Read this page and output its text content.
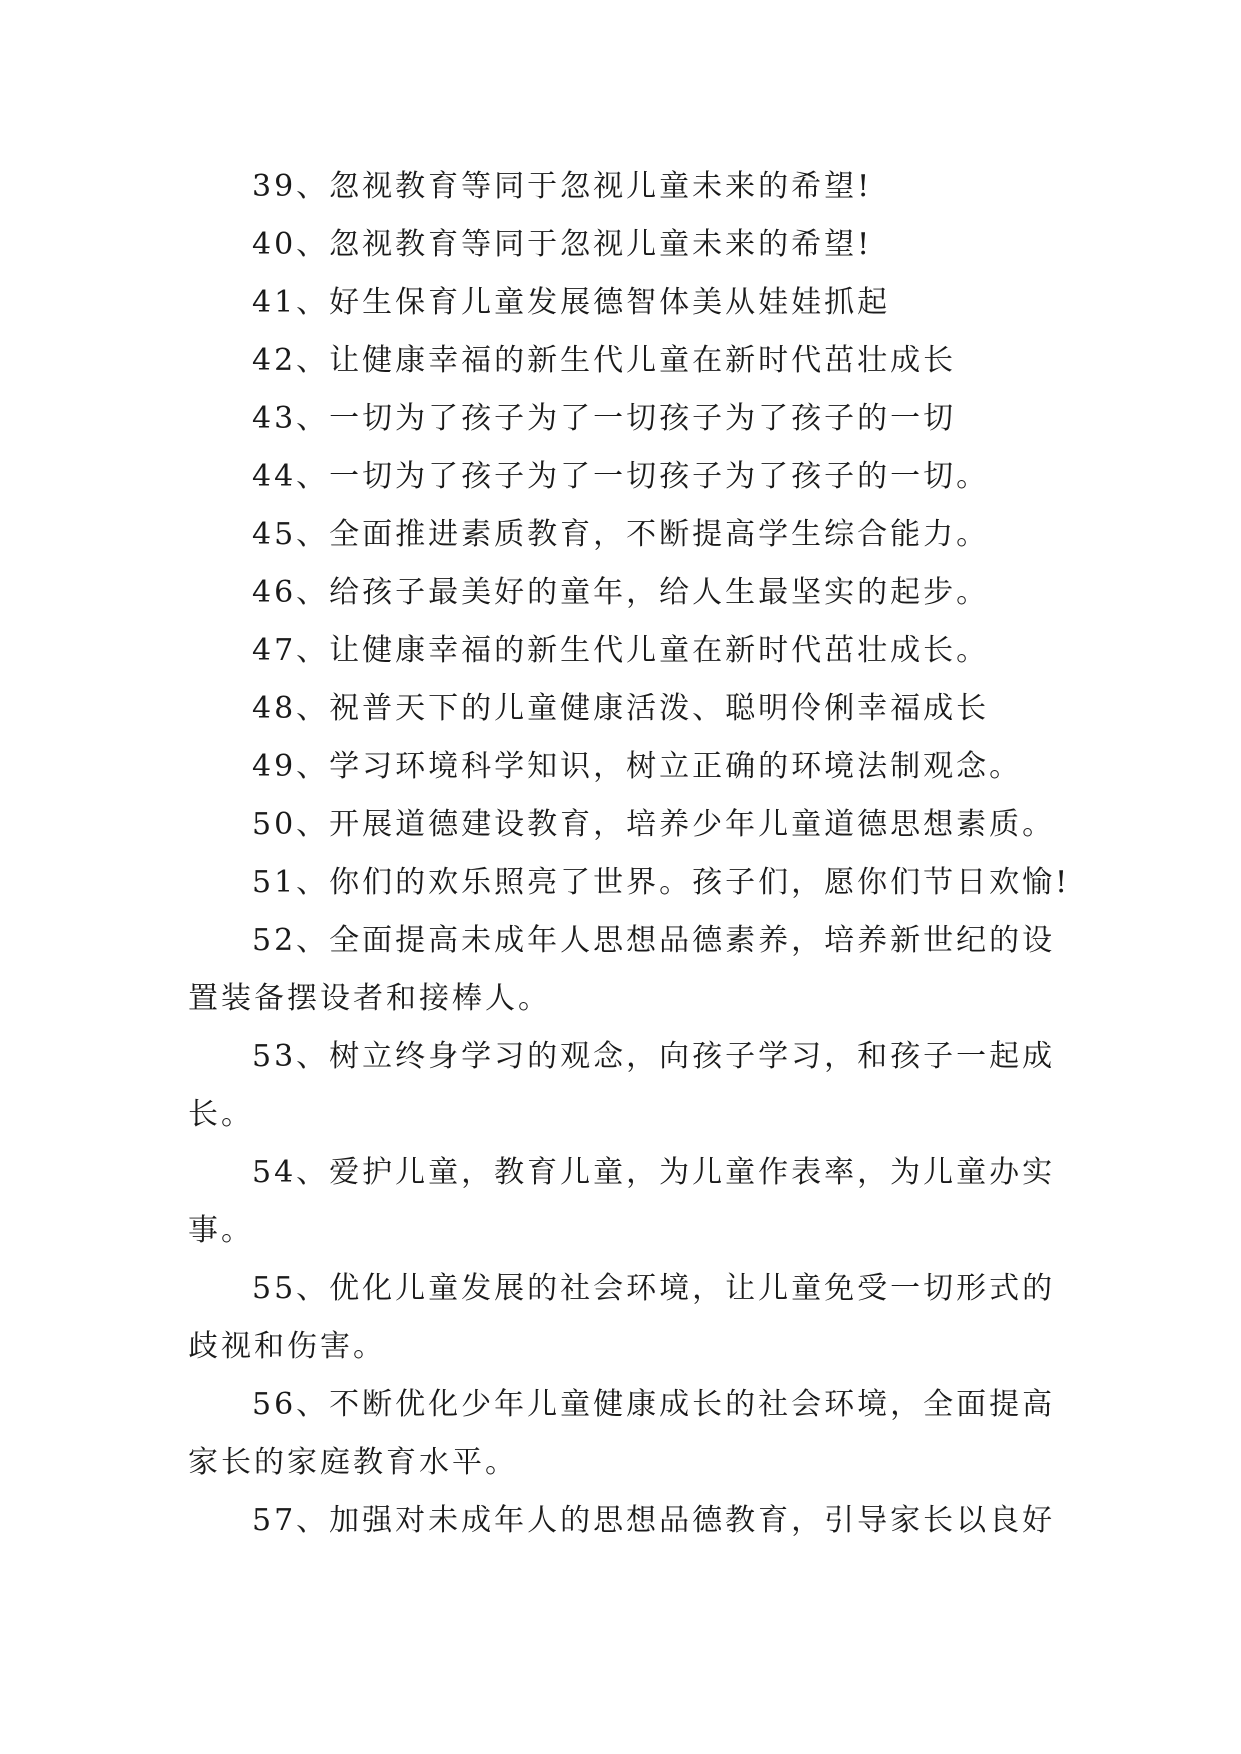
39、忽视教育等同于忽视儿童未来的希望!
40、忽视教育等同于忽视儿童未来的希望!
41、好生保育儿童发展德智体美从娃娃抓起
42、让健康幸福的新生代儿童在新时代茁壮成长
43、一切为了孩子为了一切孩子为了孩子的一切
44、一切为了孩子为了一切孩子为了孩子的一切。
45、全面推进素质教育，不断提高学生综合能力。
46、给孩子最美好的童年，给人生最坚实的起步。
47、让健康幸福的新生代儿童在新时代茁壮成长。
48、祝普天下的儿童健康活泼、聪明伶俐幸福成长
49、学习环境科学知识，树立正确的环境法制观念。
50、开展道德建设教育，培养少年儿童道德思想素质。
51、你们的欢乐照亮了世界。孩子们，愿你们节日欢愉!
52、全面提高未成年人思想品德素养，培养新世纪的设
置装备摆设者和接棒人。
53、树立终身学习的观念，向孩子学习，和孩子一起成
长。
54、爱护儿童，教育儿童，为儿童作表率，为儿童办实
事。
55、优化儿童发展的社会环境，让儿童免受一切形式的
歧视和伤害。
56、不断优化少年儿童健康成长的社会环境，全面提高
家长的家庭教育水平。
57、加强对未成年人的思想品德教育，引导家长以良好
